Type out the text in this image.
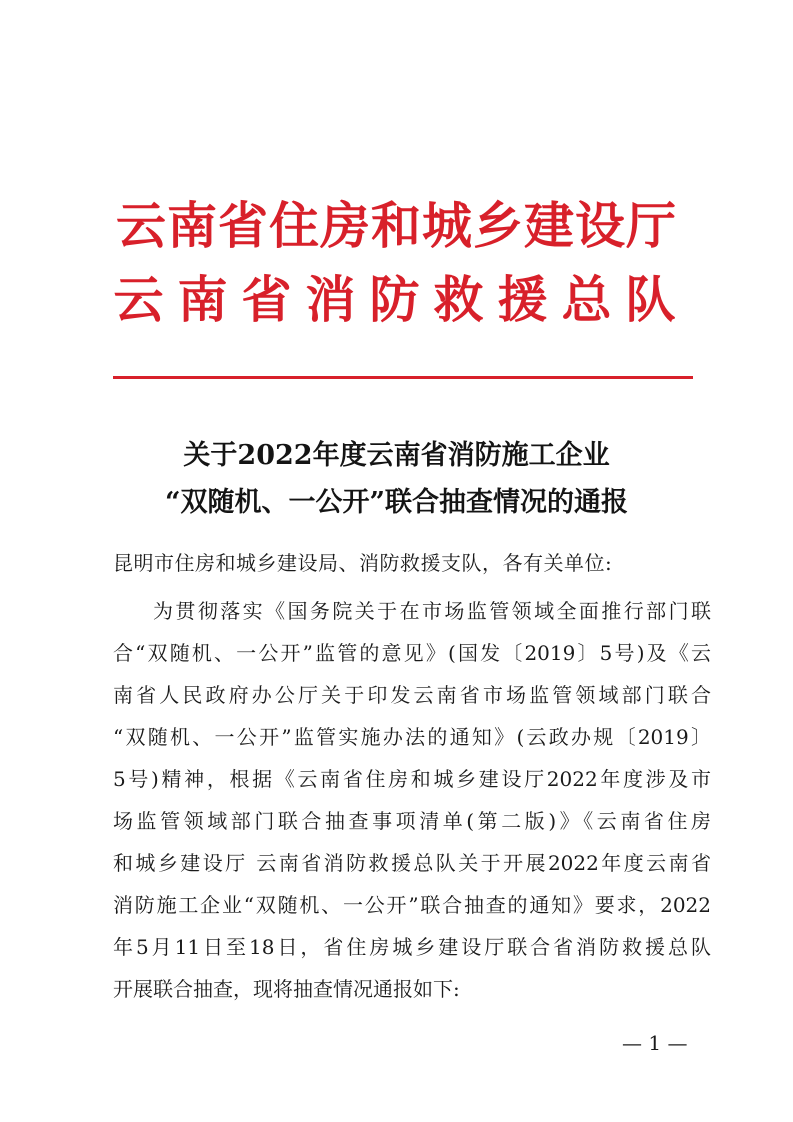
云南省住房和城乡建设厅
云南省消防救援总队
关于2022年度云南省消防施工企业
“双随机、一公开”联合抽查情况的通报

昆明市住房和城乡建设局、消防救援支队，各有关单位:

为贯彻落实《国务院关于在市场监管领域全面推行部门联
合“双随机、一公开”监管的意见》(国发〔2019〕5号)及《云
南省人民政府办公厅关于印发云南省市场监管领域部门联合
“双随机、一公开”监管实施办法的通知》(云政办规〔2019〕
5号)精神，根据《云南省住房和城乡建设厅2022年度涉及市
场监管领域部门联合抽查事项清单(第二版)》《云南省住房
和城乡建设厅 云南省消防救援总队关于开展2022年度云南省
消防施工企业“双随机、一公开”联合抽查的通知》要求，2022
年5月11日至18日，省住房城乡建设厅联合省消防救援总队
开展联合抽查，现将抽查情况通报如下:

— 1 —
